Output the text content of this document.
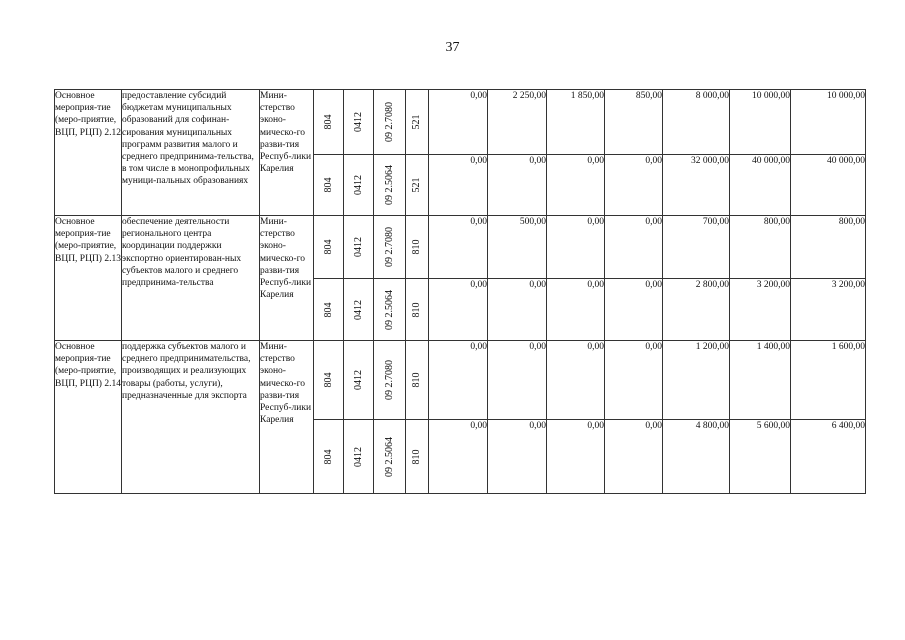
37
Основное мероприя-тие (меро-приятие, ВЦП, РЦП) 2.12	предоставление субсидий бюджетам муниципальных образований для софинан-сирования муниципальных программ развития малого и среднего предпринима-тельства, в том числе в монопрофильных муници-пальных образованиях	Мини-стерство эконо-мическо-го разви-тия Респуб-лики Карелия	804	0412	09 2.7080	521	0,00	2 250,00	1 850,00	850,00	8 000,00	10 000,00	10 000,00

			804	0412	09 2.5064	521	0,00	0,00	0,00	0,00	32 000,00	40 000,00	40 000,00
Основное мероприя-тие (меро-приятие, ВЦП, РЦП) 2.13	обеспечение деятельности регионального центра координации поддержки экспортно ориентирован-ных субъектов малого и среднего предпринима-тельства	Мини-стерство эконо-мическо-го разви-тия Респуб-лики Карелия	804	0412	09 2.7080	810	0,00	500,00	0,00	0,00	700,00	800,00	800,00

			804	0412	09 2.5064	810	0,00	0,00	0,00	0,00	2 800,00	3 200,00	3 200,00
Основное мероприя-тие (меро-приятие, ВЦП, РЦП) 2.14	поддержка субъектов малого и среднего предпринимательства, производящих и реализующих товары (работы, услуги), предназначенные для экспорта	Мини-стерство эконо-мическо-го разви-тия Респуб-лики Карелия	804	0412	09 2.7080	810	0,00	0,00	0,00	0,00	1 200,00	1 400,00	1 600,00

			804	0412	09 2.5064	810	0,00	0,00	0,00	0,00	4 800,00	5 600,00	6 400,00
